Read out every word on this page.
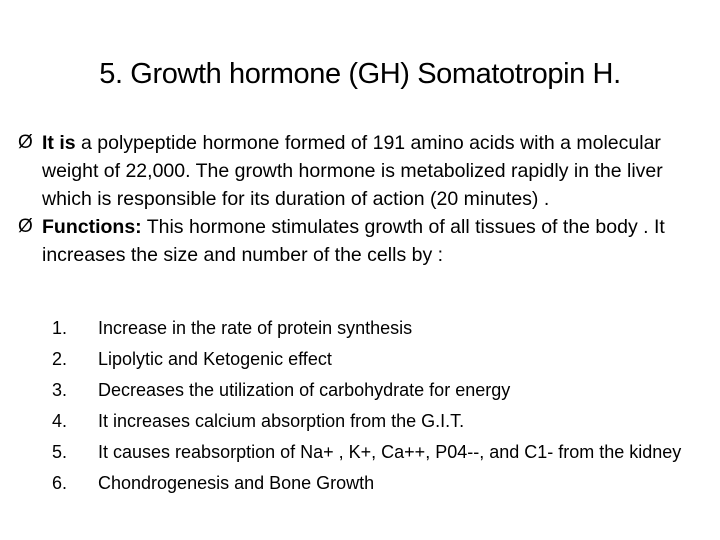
5. Growth hormone (GH) Somatotropin H.
Ø It is a polypeptide hormone formed of 191 amino acids with a molecular weight of 22,000. The growth hormone is metabolized rapidly in the liver which is responsible for its duration of action (20 minutes) .
Ø Functions: This hormone stimulates growth of all tissues of the body . It increases the size and number of the cells by :
1. Increase in the rate of protein synthesis
2. Lipolytic and Ketogenic effect
3. Decreases the utilization of carbohydrate for energy
4. It increases calcium absorption from the G.I.T.
5. It causes reabsorption of Na+ , K+, Ca++, P04--, and C1- from the kidney
6. Chondrogenesis and Bone Growth
